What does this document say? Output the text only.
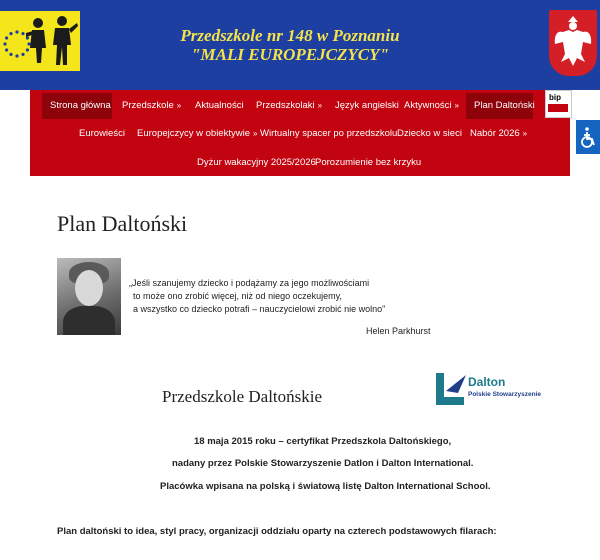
Przedszkole nr 148 w Poznaniu
"MALI EUROPEJCZYCY"
Strona główna Przedszkole » Aktualności Przedszkolaki » Język angielski Aktywności » Plan Daltoński
Eurowieści Europejczycy w obiektywie » Wirtualny spacer po przedszkolu Dziecko w sieci Nabór 2026 »
Dyżur wakacyjny 2025/2026 Porozumienie bez krzyku
bip
Plan Daltoński
„Jeśli szanujemy dziecko i podążamy za jego możliwościami
to może ono zrobić więcej, niż od niego oczekujemy,
a wszystko co dziecko potrafi – nauczycielowi zrobić nie wolno"
Helen Parkhurst
Przedszkole Daltońskie
Dalton
Polskie Stowarzyszenie
18 maja 2015 roku – certyfikat Przedszkola Daltońskiego,
nadany przez Polskie Stowarzyszenie Datlon i Dalton International.
Placówka wpisana na polską i światową listę Dalton International School.
Plan daltoński to idea, styl pracy, organizacji oddziału oparty na czterech podstawowych filarach:
